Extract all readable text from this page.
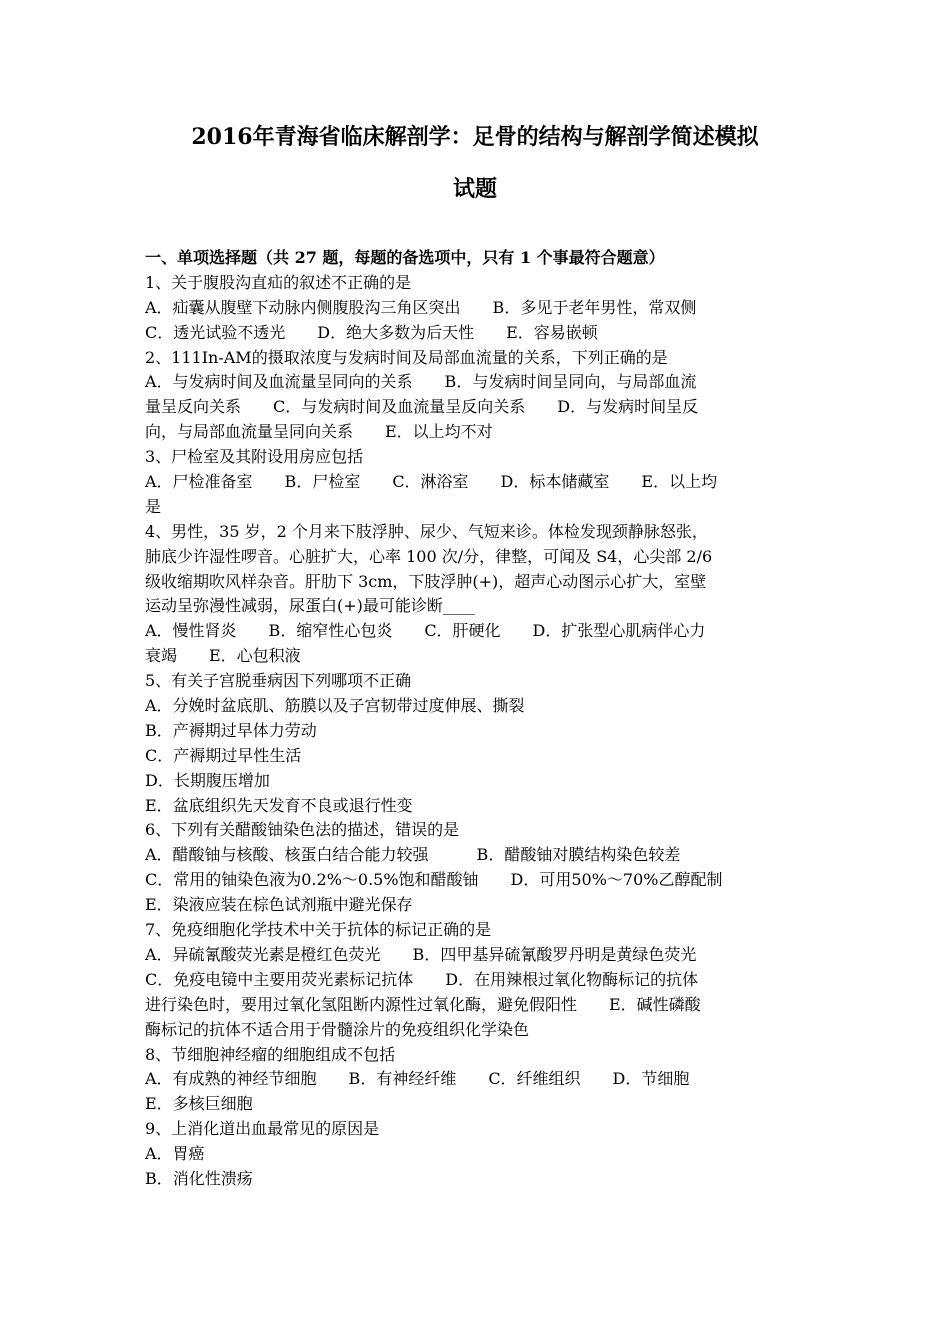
2016年青海省临床解剖学：足骨的结构与解剖学简述模拟
试题
一、单项选择题（共 27 题，每题的备选项中，只有 1 个事最符合题意）
1、关于腹股沟直疝的叙述不正确的是
A．疝囊从腹壁下动脉内侧腹股沟三角区突出　　B．多见于老年男性，常双侧
C．透光试验不透光　　D．绝大多数为后天性　　E．容易嵌顿
2、111In-AM的摄取浓度与发病时间及局部血流量的关系，下列正确的是
A．与发病时间及血流量呈同向的关系　　B．与发病时间呈同向，与局部血流
量呈反向关系　　C．与发病时间及血流量呈反向关系　　D．与发病时间呈反
向，与局部血流量呈同向关系　　E．以上均不对
3、尸检室及其附设用房应包括
A．尸检准备室　　B．尸检室　　C．淋浴室　　D．标本储藏室　　E．以上均
是
4、男性，35 岁，2 个月来下肢浮肿、尿少、气短来诊。体检发现颈静脉怒张，
肺底少许湿性啰音。心脏扩大，心率 100 次/分，律整，可闻及 S4，心尖部 2/6
级收缩期吹风样杂音。肝肋下 3cm，下肢浮肿(+)，超声心动图示心扩大，室壁
运动呈弥漫性减弱，尿蛋白(+)最可能诊断____
A．慢性肾炎　　B．缩窄性心包炎　　C．肝硬化　　D．扩张型心肌病伴心力
衰竭　　E．心包积液
5、有关子宫脱垂病因下列哪项不正确
A．分娩时盆底肌、筋膜以及子宫韧带过度伸展、撕裂
B．产褥期过早体力劳动
C．产褥期过早性生活
D．长期腹压增加
E．盆底组织先天发育不良或退行性变
6、下列有关醋酸铀染色法的描述，错误的是
A．醋酸铀与核酸、核蛋白结合能力较强　　　B．醋酸铀对膜结构染色较差
C．常用的铀染色液为0.2%～0.5%饱和醋酸铀　　D．可用50%～70%乙醇配制
E．染液应装在棕色试剂瓶中避光保存
7、免疫细胞化学技术中关于抗体的标记正确的是
A．异硫氰酸荧光素是橙红色荧光　　B．四甲基异硫氰酸罗丹明是黄绿色荧光
C．免疫电镜中主要用荧光素标记抗体　　D．在用辣根过氧化物酶标记的抗体
进行染色时，要用过氧化氢阻断内源性过氧化酶，避免假阳性　　E．碱性磷酸
酶标记的抗体不适合用于骨髓涂片的免疫组织化学染色
8、节细胞神经瘤的细胞组成不包括
A．有成熟的神经节细胞　　B．有神经纤维　　C．纤维组织　　D．节细胞
E．多核巨细胞
9、上消化道出血最常见的原因是
A．胃癌
B．消化性溃疡
